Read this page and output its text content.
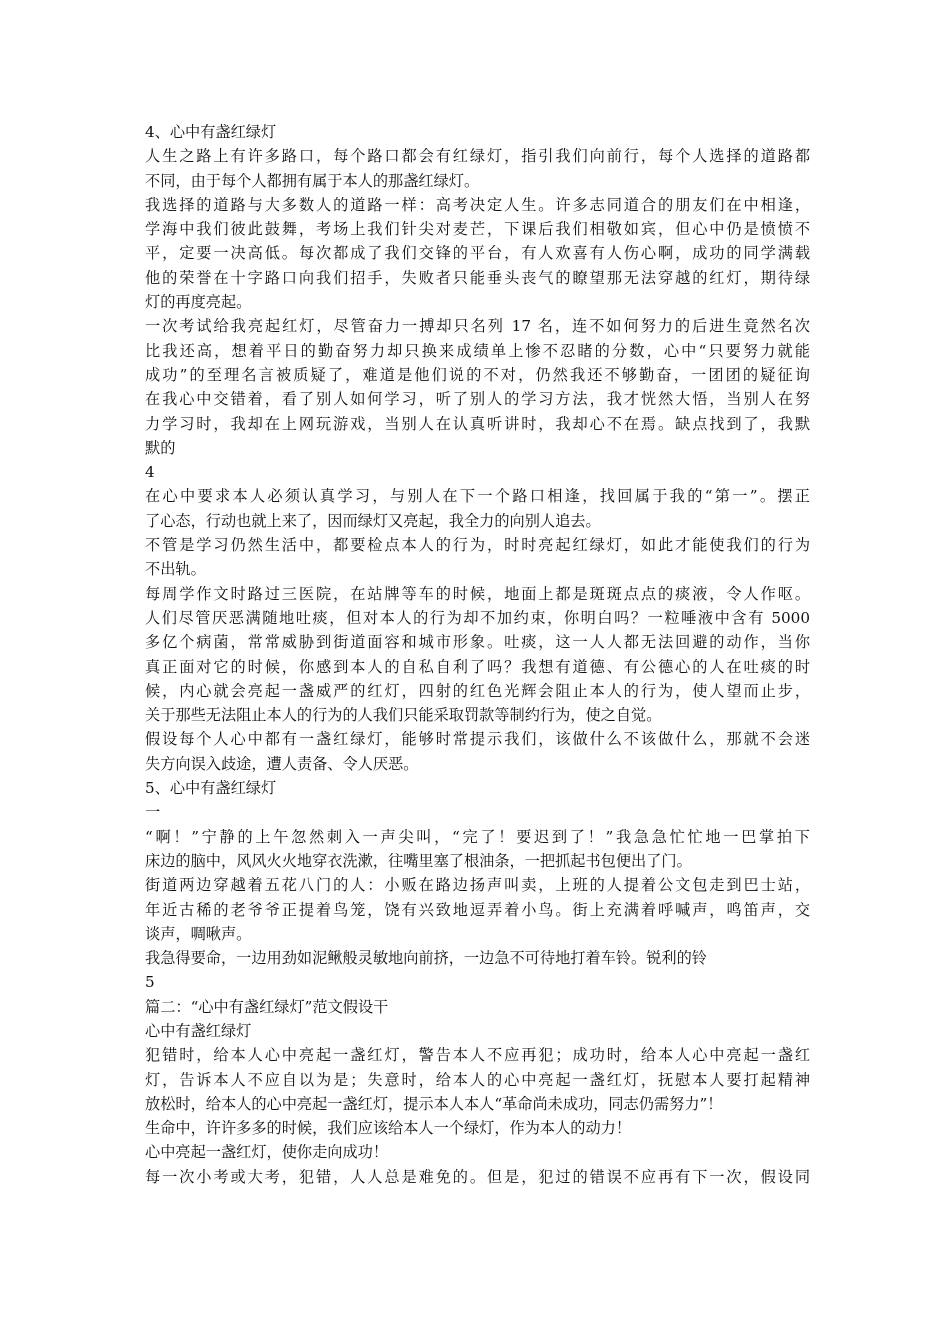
4、心中有盏红绿灯
人生之路上有许多路口，每个路口都会有红绿灯，指引我们向前行，每个人选择的道路都
不同，由于每个人都拥有属于本人的那盏红绿灯。
我选择的道路与大多数人的道路一样：高考决定人生。许多志同道合的朋友们在中相逢，
学海中我们彼此鼓舞，考场上我们针尖对麦芒，下课后我们相敬如宾，但心中仍是愤愤不
平，定要一决高低。每次都成了我们交锋的平台，有人欢喜有人伤心啊，成功的同学满载
他的荣誉在十字路口向我们招手，失败者只能垂头丧气的瞭望那无法穿越的红灯，期待绿
灯的再度亮起。
一次考试给我亮起红灯，尽管奋力一搏却只名列 17 名，连不如何努力的后进生竟然名次
比我还高，想着平日的勤奋努力却只换来成绩单上惨不忍睹的分数，心中“只要努力就能
成功”的至理名言被质疑了，难道是他们说的不对，仍然我还不够勤奋，一团团的疑征询
在我心中交错着，看了别人如何学习，听了别人的学习方法，我才恍然大悟，当别人在努
力学习时，我却在上网玩游戏，当别人在认真听讲时，我却心不在焉。缺点找到了，我默
默的
4
在心中要求本人必须认真学习，与别人在下一个路口相逢，找回属于我的“第一”。摆正
了心态，行动也就上来了，因而绿灯又亮起，我全力的向别人追去。
不管是学习仍然生活中，都要检点本人的行为，时时亮起红绿灯，如此才能使我们的行为
不出轨。
每周学作文时路过三医院，在站牌等车的时候，地面上都是斑斑点点的痰液，令人作呕。
人们尽管厌恶满随地吐痰，但对本人的行为却不加约束，你明白吗？一粒唾液中含有 5000
多亿个病菌，常常威胁到街道面容和城市形象。吐痰，这一人人都无法回避的动作，当你
真正面对它的时候，你感到本人的自私自利了吗？我想有道德、有公德心的人在吐痰的时
候，内心就会亮起一盏威严的红灯，四射的红色光辉会阻止本人的行为，使人望而止步，
关于那些无法阻止本人的行为的人我们只能采取罚款等制约行为，使之自觉。
假设每个人心中都有一盏红绿灯，能够时常提示我们，该做什么不该做什么，那就不会迷
失方向误入歧途，遭人责备、令人厌恶。
5、心中有盏红绿灯
一
“啊！”宁静的上午忽然刺入一声尖叫，“完了！要迟到了！”我急急忙忙地一巴掌拍下
床边的脑中，风风火火地穿衣洗漱，往嘴里塞了根油条，一把抓起书包便出了门。
街道两边穿越着五花八门的人：小贩在路边扬声叫卖，上班的人提着公文包走到巴士站，
年近古稀的老爷爷正提着鸟笼，饶有兴致地逗弄着小鸟。街上充满着呼喊声，鸣笛声，交
谈声，啁啾声。
我急得要命，一边用劲如泥鳅般灵敏地向前挤，一边急不可待地打着车铃。锐利的铃
5
篇二：“心中有盏红绿灯”范文假设干
心中有盏红绿灯
犯错时，给本人心中亮起一盏红灯，警告本人不应再犯；成功时，给本人心中亮起一盏红
灯，告诉本人不应自以为是；失意时，给本人的心中亮起一盏红灯，抚慰本人要打起精神
放松时，给本人的心中亮起一盏红灯，提示本人本人“革命尚未成功，同志仍需努力”！
生命中，许许多多的时候，我们应该给本人一个绿灯，作为本人的动力！
心中亮起一盏红灯，使你走向成功！
每一次小考或大考，犯错，人人总是难免的。但是，犯过的错误不应再有下一次，假设同
